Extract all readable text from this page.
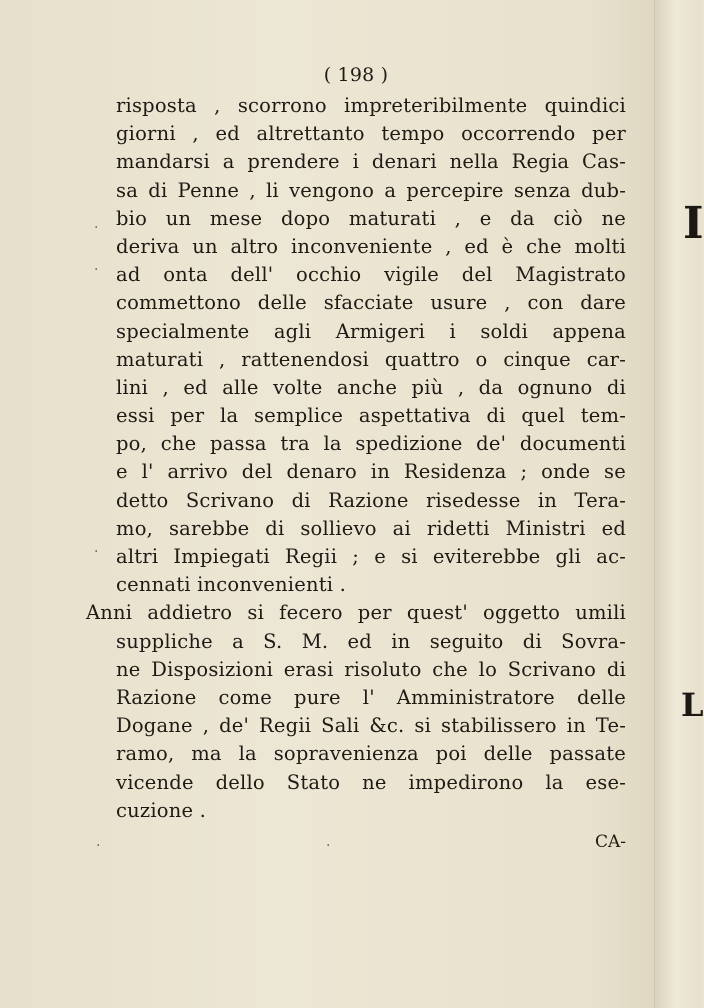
I
L
( 198 )
risposta , scorrono impreteribilmente quindici
giorni , ed altrettanto tempo occorrendo per
mandarsi a prendere i denari nella Regia Cas-
sa di Penne , li vengono a percepire senza dub-
bio un mese dopo maturati , e da ciò ne
deriva un altro inconveniente , ed è che molti
ad onta dell' occhio vigile del Magistrato
commettono delle sfacciate usure , con dare
specialmente agli Armigeri i soldi appena
maturati , rattenendosi quattro o cinque car-
lini , ed alle volte anche più , da ognuno di
essi per la semplice aspettativa di quel tem-
po, che passa tra la spedizione de' documenti
e l' arrivo del denaro in Residenza ; onde se
detto Scrivano di Razione risedesse in Tera-
mo, sarebbe di sollievo ai ridetti Ministri ed
altri Impiegati Regii ; e si eviterebbe gli ac-
cennati inconvenienti .
Anni addietro si fecero per quest' oggetto umili
suppliche a S. M. ed in seguito di Sovra-
ne Disposizioni erasi risoluto che lo Scrivano di
Razione come pure l' Amministratore delle
Dogane , de' Regii Sali &c. si stabilissero in Te-
ramo, ma la sopravenienza poi delle passate
vicende dello Stato ne impedirono la ese-
cuzione .
CA-
·
·
·
·	·
